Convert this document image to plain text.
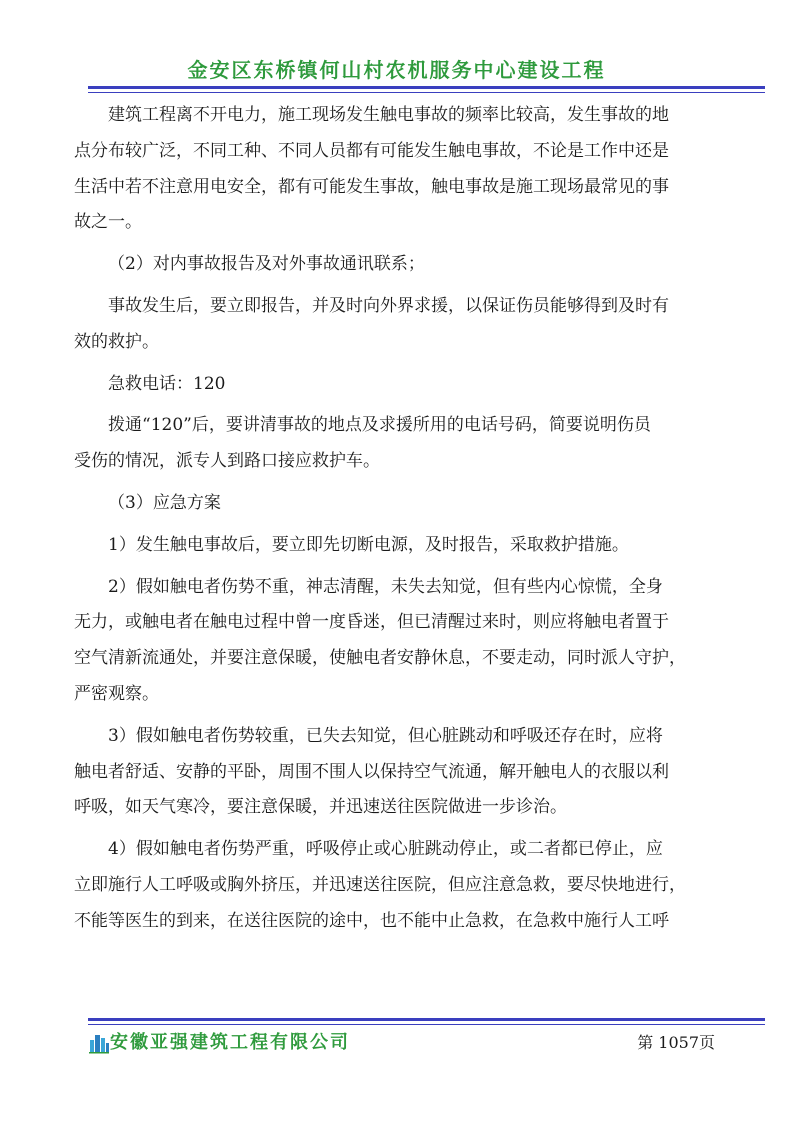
金安区东桥镇何山村农机服务中心建设工程
建筑工程离不开电力，施工现场发生触电事故的频率比较高，发生事故的地
点分布较广泛，不同工种、不同人员都有可能发生触电事故，不论是工作中还是
生活中若不注意用电安全，都有可能发生事故，触电事故是施工现场最常见的事
故之一。
（2）对内事故报告及对外事故通讯联系；
事故发生后，要立即报告，并及时向外界求援，以保证伤员能够得到及时有
效的救护。
急救电话：120
拨通“120”后，要讲清事故的地点及求援所用的电话号码，简要说明伤员
受伤的情况，派专人到路口接应救护车。
（3）应急方案
1）发生触电事故后，要立即先切断电源，及时报告，采取救护措施。
2）假如触电者伤势不重，神志清醒，未失去知觉，但有些内心惊慌，全身
无力，或触电者在触电过程中曾一度昏迷，但已清醒过来时，则应将触电者置于
空气清新流通处，并要注意保暖，使触电者安静休息，不要走动，同时派人守护，
严密观察。
3）假如触电者伤势较重，已失去知觉，但心脏跳动和呼吸还存在时，应将
触电者舒适、安静的平卧，周围不围人以保持空气流通，解开触电人的衣服以利
呼吸，如天气寒冷，要注意保暖，并迅速送往医院做进一步诊治。
4）假如触电者伤势严重，呼吸停止或心脏跳动停止，或二者都已停止，应
立即施行人工呼吸或胸外挤压，并迅速送往医院，但应注意急救，要尽快地进行，
不能等医生的到来，在送往医院的途中，也不能中止急救，在急救中施行人工呼
安徽亚强建筑工程有限公司	第 1057页
